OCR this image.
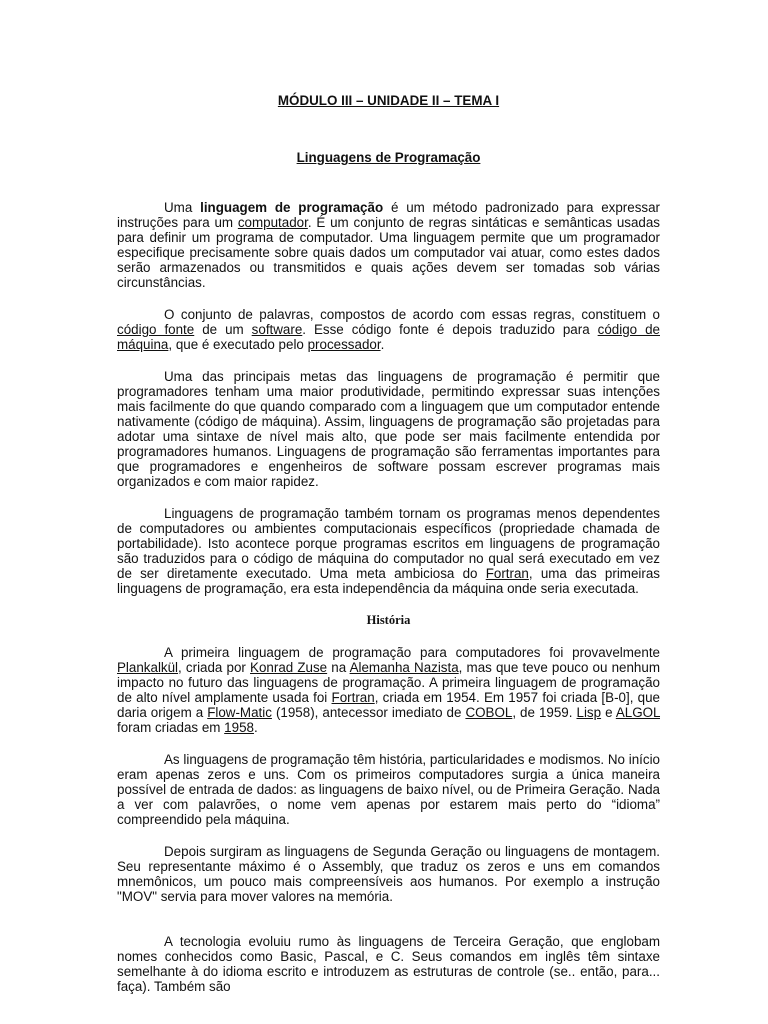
MÓDULO III – UNIDADE II – TEMA I
Linguagens de Programação

Uma linguagem de programação é um método padronizado para expressar instruções para um computador. É um conjunto de regras sintáticas e semânticas usadas para definir um programa de computador. Uma linguagem permite que um programador especifique precisamente sobre quais dados um computador vai atuar, como estes dados serão armazenados ou transmitidos e quais ações devem ser tomadas sob várias circunstâncias.

O conjunto de palavras, compostos de acordo com essas regras, constituem o código fonte de um software. Esse código fonte é depois traduzido para código de máquina, que é executado pelo processador.

Uma das principais metas das linguagens de programação é permitir que programadores tenham uma maior produtividade, permitindo expressar suas intenções mais facilmente do que quando comparado com a linguagem que um computador entende nativamente (código de máquina). Assim, linguagens de programação são projetadas para adotar uma sintaxe de nível mais alto, que pode ser mais facilmente entendida por programadores humanos. Linguagens de programação são ferramentas importantes para que programadores e engenheiros de software possam escrever programas mais organizados e com maior rapidez.

Linguagens de programação também tornam os programas menos dependentes de computadores ou ambientes computacionais específicos (propriedade chamada de portabilidade). Isto acontece porque programas escritos em linguagens de programação são traduzidos para o código de máquina do computador no qual será executado em vez de ser diretamente executado. Uma meta ambiciosa do Fortran, uma das primeiras linguagens de programação, era esta independência da máquina onde seria executada.

História

A primeira linguagem de programação para computadores foi provavelmente Plankalkül, criada por Konrad Zuse na Alemanha Nazista, mas que teve pouco ou nenhum impacto no futuro das linguagens de programação. A primeira linguagem de programação de alto nível amplamente usada foi Fortran, criada em 1954. Em 1957 foi criada [B-0], que daria origem a Flow-Matic (1958), antecessor imediato de COBOL, de 1959. Lisp e ALGOL foram criadas em 1958.

As linguagens de programação têm história, particularidades e modismos. No início eram apenas zeros e uns. Com os primeiros computadores surgia a única maneira possível de entrada de dados: as linguagens de baixo nível, ou de Primeira Geração. Nada a ver com palavrões, o nome vem apenas por estarem mais perto do “idioma” compreendido pela máquina.

Depois surgiram as linguagens de Segunda Geração ou linguagens de montagem. Seu representante máximo é o Assembly, que traduz os zeros e uns em comandos mnemônicos, um pouco mais compreensíveis aos humanos. Por exemplo a instrução "MOV" servia para mover valores na memória.

A tecnologia evoluiu rumo às linguagens de Terceira Geração, que englobam nomes conhecidos como Basic, Pascal, e C. Seus comandos em inglês têm sintaxe semelhante à do idioma escrito e introduzem as estruturas de controle (se.. então, para... faça). Também são
